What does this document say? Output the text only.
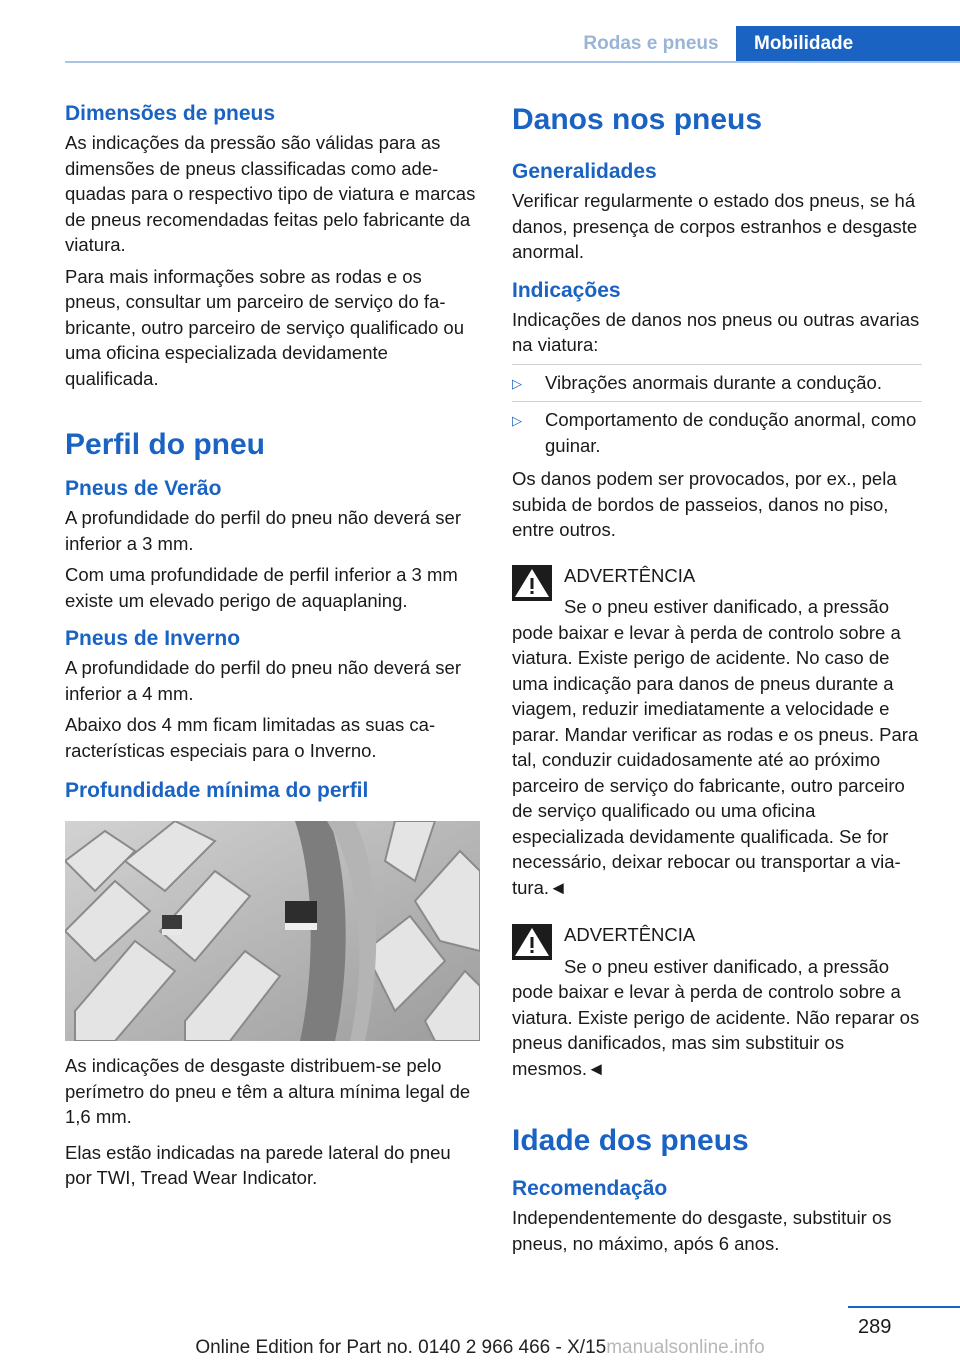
Rodas e pneus	Mobilidade
Dimensões de pneus

As indicações da pressão são válidas para as dimensões de pneus classificadas como adequadas para o respectivo tipo de viatura e marcas de pneus recomendadas feitas pelo fabricante da viatura.

Para mais informações sobre as rodas e os pneus, consultar um parceiro de serviço do fabricante, outro parceiro de serviço qualificado ou uma oficina especializada devidamente qualificada.

Perfil do pneu
Pneus de Verão

A profundidade do perfil do pneu não deverá ser inferior a 3 mm.

Com uma profundidade de perfil inferior a 3 mm existe um elevado perigo de aquaplaning.

Pneus de Inverno

A profundidade do perfil do pneu não deverá ser inferior a 4 mm.

Abaixo dos 4 mm ficam limitadas as suas características especiais para o Inverno.

Profundidade mínima do perfil

As indicações de desgaste distribuem-se pelo perímetro do pneu e têm a altura mínima legal de 1,6 mm.

Elas estão indicadas na parede lateral do pneu por TWI, Tread Wear Indicator.

Danos nos pneus
Generalidades

Verificar regularmente o estado dos pneus, se há danos, presença de corpos estranhos e desgaste anormal.

Indicações

Indicações de danos nos pneus ou outras avarias na viatura:

▷	Vibrações anormais durante a condução.
▷	Comportamento de condução anormal, como guinar.

Os danos podem ser provocados, por ex., pela subida de bordos de passeios, danos no piso, entre outros.

ADVERTÊNCIA
Se o pneu estiver danificado, a pressão
pode baixar e levar à perda de controlo sobre a viatura. Existe perigo de acidente. No caso de uma indicação para danos de pneus durante a viagem, reduzir imediatamente a velocidade e parar. Mandar verificar as rodas e os pneus. Para tal, conduzir cuidadosamente até ao próximo parceiro de serviço do fabricante, outro parceiro de serviço qualificado ou uma oficina especializada devidamente qualificada. Se for necessário, deixar rebocar ou transportar a viatura.◄
ADVERTÊNCIA
Se o pneu estiver danificado, a pressão
pode baixar e levar à perda de controlo sobre a viatura. Existe perigo de acidente. Não reparar os pneus danificados, mas sim substituir os mesmos.◄
Idade dos pneus
Recomendação

Independentemente do desgaste, substituir os pneus, no máximo, após 6 anos.

289
Online Edition for Part no. 0140 2 966 466 - X/15manualsonline.info
